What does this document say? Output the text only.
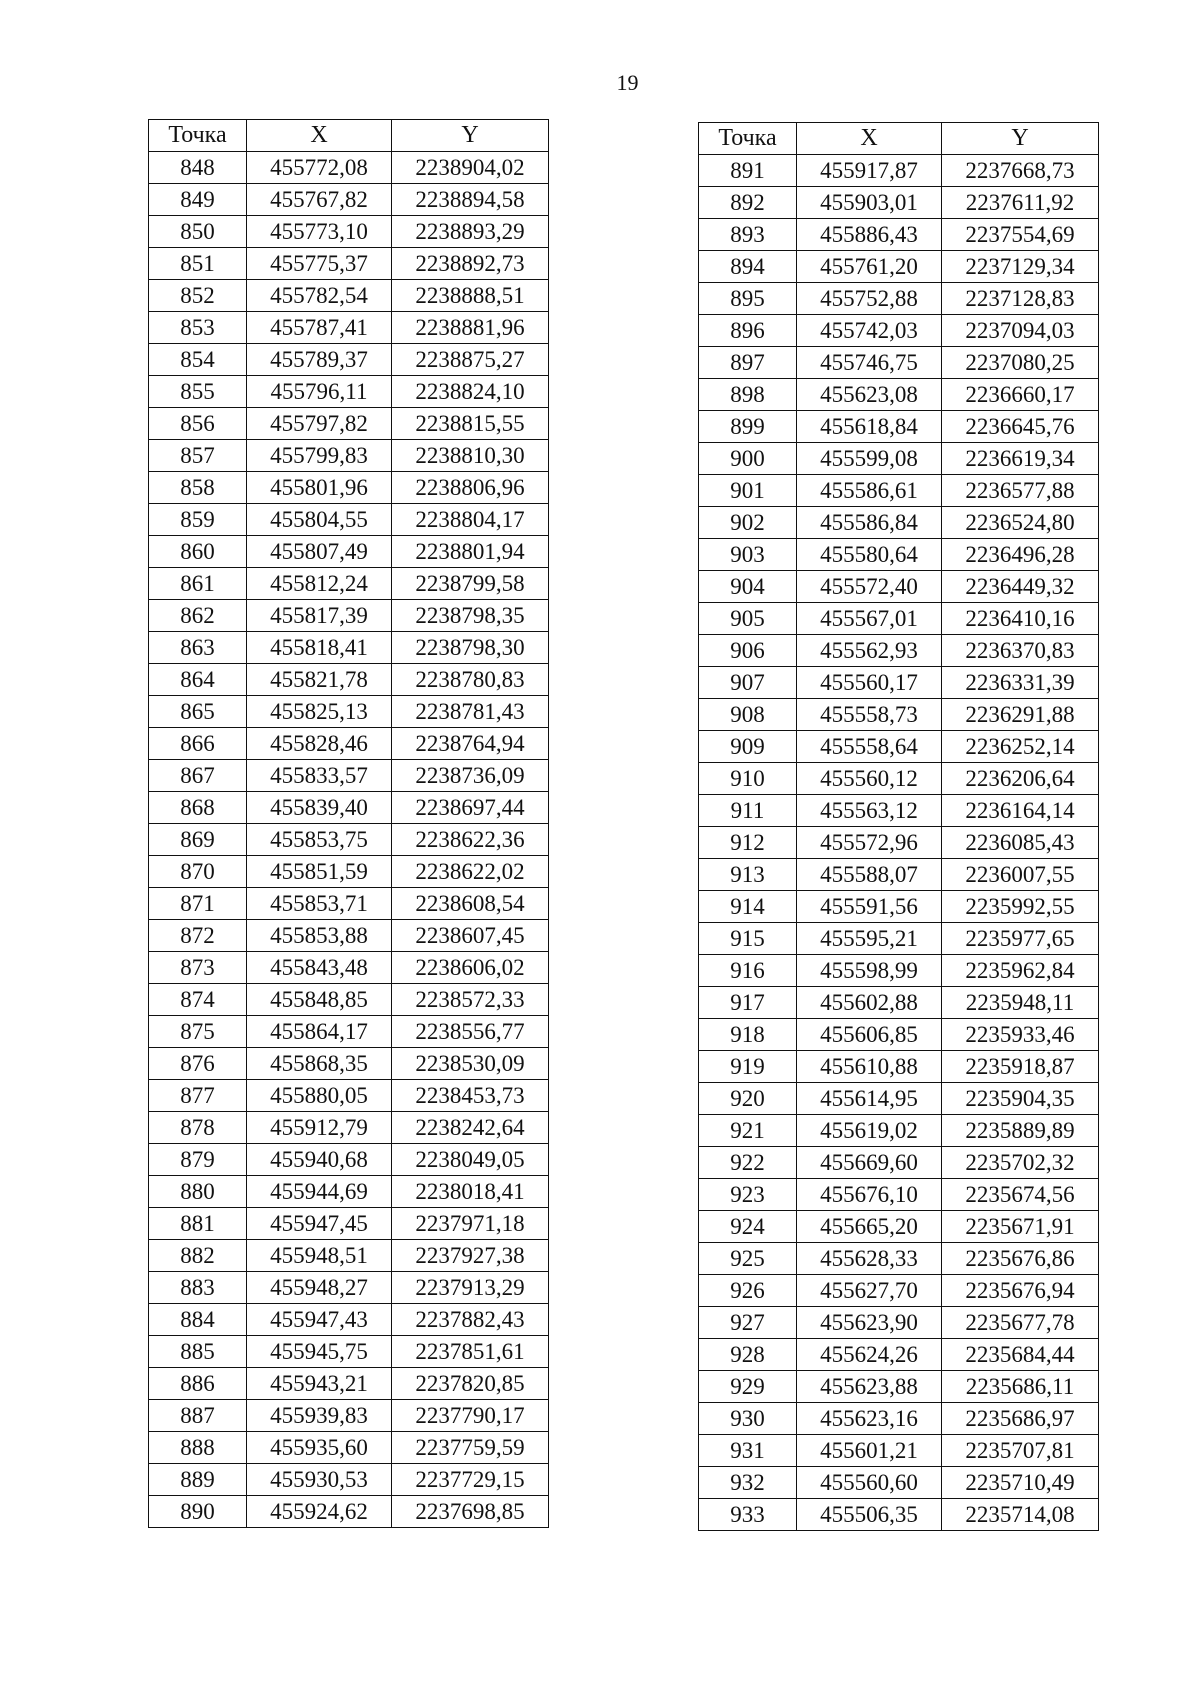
19
Точка	X	Y
848	455772,08	2238904,02
849	455767,82	2238894,58
850	455773,10	2238893,29
851	455775,37	2238892,73
852	455782,54	2238888,51
853	455787,41	2238881,96
854	455789,37	2238875,27
855	455796,11	2238824,10
856	455797,82	2238815,55
857	455799,83	2238810,30
858	455801,96	2238806,96
859	455804,55	2238804,17
860	455807,49	2238801,94
861	455812,24	2238799,58
862	455817,39	2238798,35
863	455818,41	2238798,30
864	455821,78	2238780,83
865	455825,13	2238781,43
866	455828,46	2238764,94
867	455833,57	2238736,09
868	455839,40	2238697,44
869	455853,75	2238622,36
870	455851,59	2238622,02
871	455853,71	2238608,54
872	455853,88	2238607,45
873	455843,48	2238606,02
874	455848,85	2238572,33
875	455864,17	2238556,77
876	455868,35	2238530,09
877	455880,05	2238453,73
878	455912,79	2238242,64
879	455940,68	2238049,05
880	455944,69	2238018,41
881	455947,45	2237971,18
882	455948,51	2237927,38
883	455948,27	2237913,29
884	455947,43	2237882,43
885	455945,75	2237851,61
886	455943,21	2237820,85
887	455939,83	2237790,17
888	455935,60	2237759,59
889	455930,53	2237729,15
890	455924,62	2237698,85
Точка	X	Y
891	455917,87	2237668,73
892	455903,01	2237611,92
893	455886,43	2237554,69
894	455761,20	2237129,34
895	455752,88	2237128,83
896	455742,03	2237094,03
897	455746,75	2237080,25
898	455623,08	2236660,17
899	455618,84	2236645,76
900	455599,08	2236619,34
901	455586,61	2236577,88
902	455586,84	2236524,80
903	455580,64	2236496,28
904	455572,40	2236449,32
905	455567,01	2236410,16
906	455562,93	2236370,83
907	455560,17	2236331,39
908	455558,73	2236291,88
909	455558,64	2236252,14
910	455560,12	2236206,64
911	455563,12	2236164,14
912	455572,96	2236085,43
913	455588,07	2236007,55
914	455591,56	2235992,55
915	455595,21	2235977,65
916	455598,99	2235962,84
917	455602,88	2235948,11
918	455606,85	2235933,46
919	455610,88	2235918,87
920	455614,95	2235904,35
921	455619,02	2235889,89
922	455669,60	2235702,32
923	455676,10	2235674,56
924	455665,20	2235671,91
925	455628,33	2235676,86
926	455627,70	2235676,94
927	455623,90	2235677,78
928	455624,26	2235684,44
929	455623,88	2235686,11
930	455623,16	2235686,97
931	455601,21	2235707,81
932	455560,60	2235710,49
933	455506,35	2235714,08
